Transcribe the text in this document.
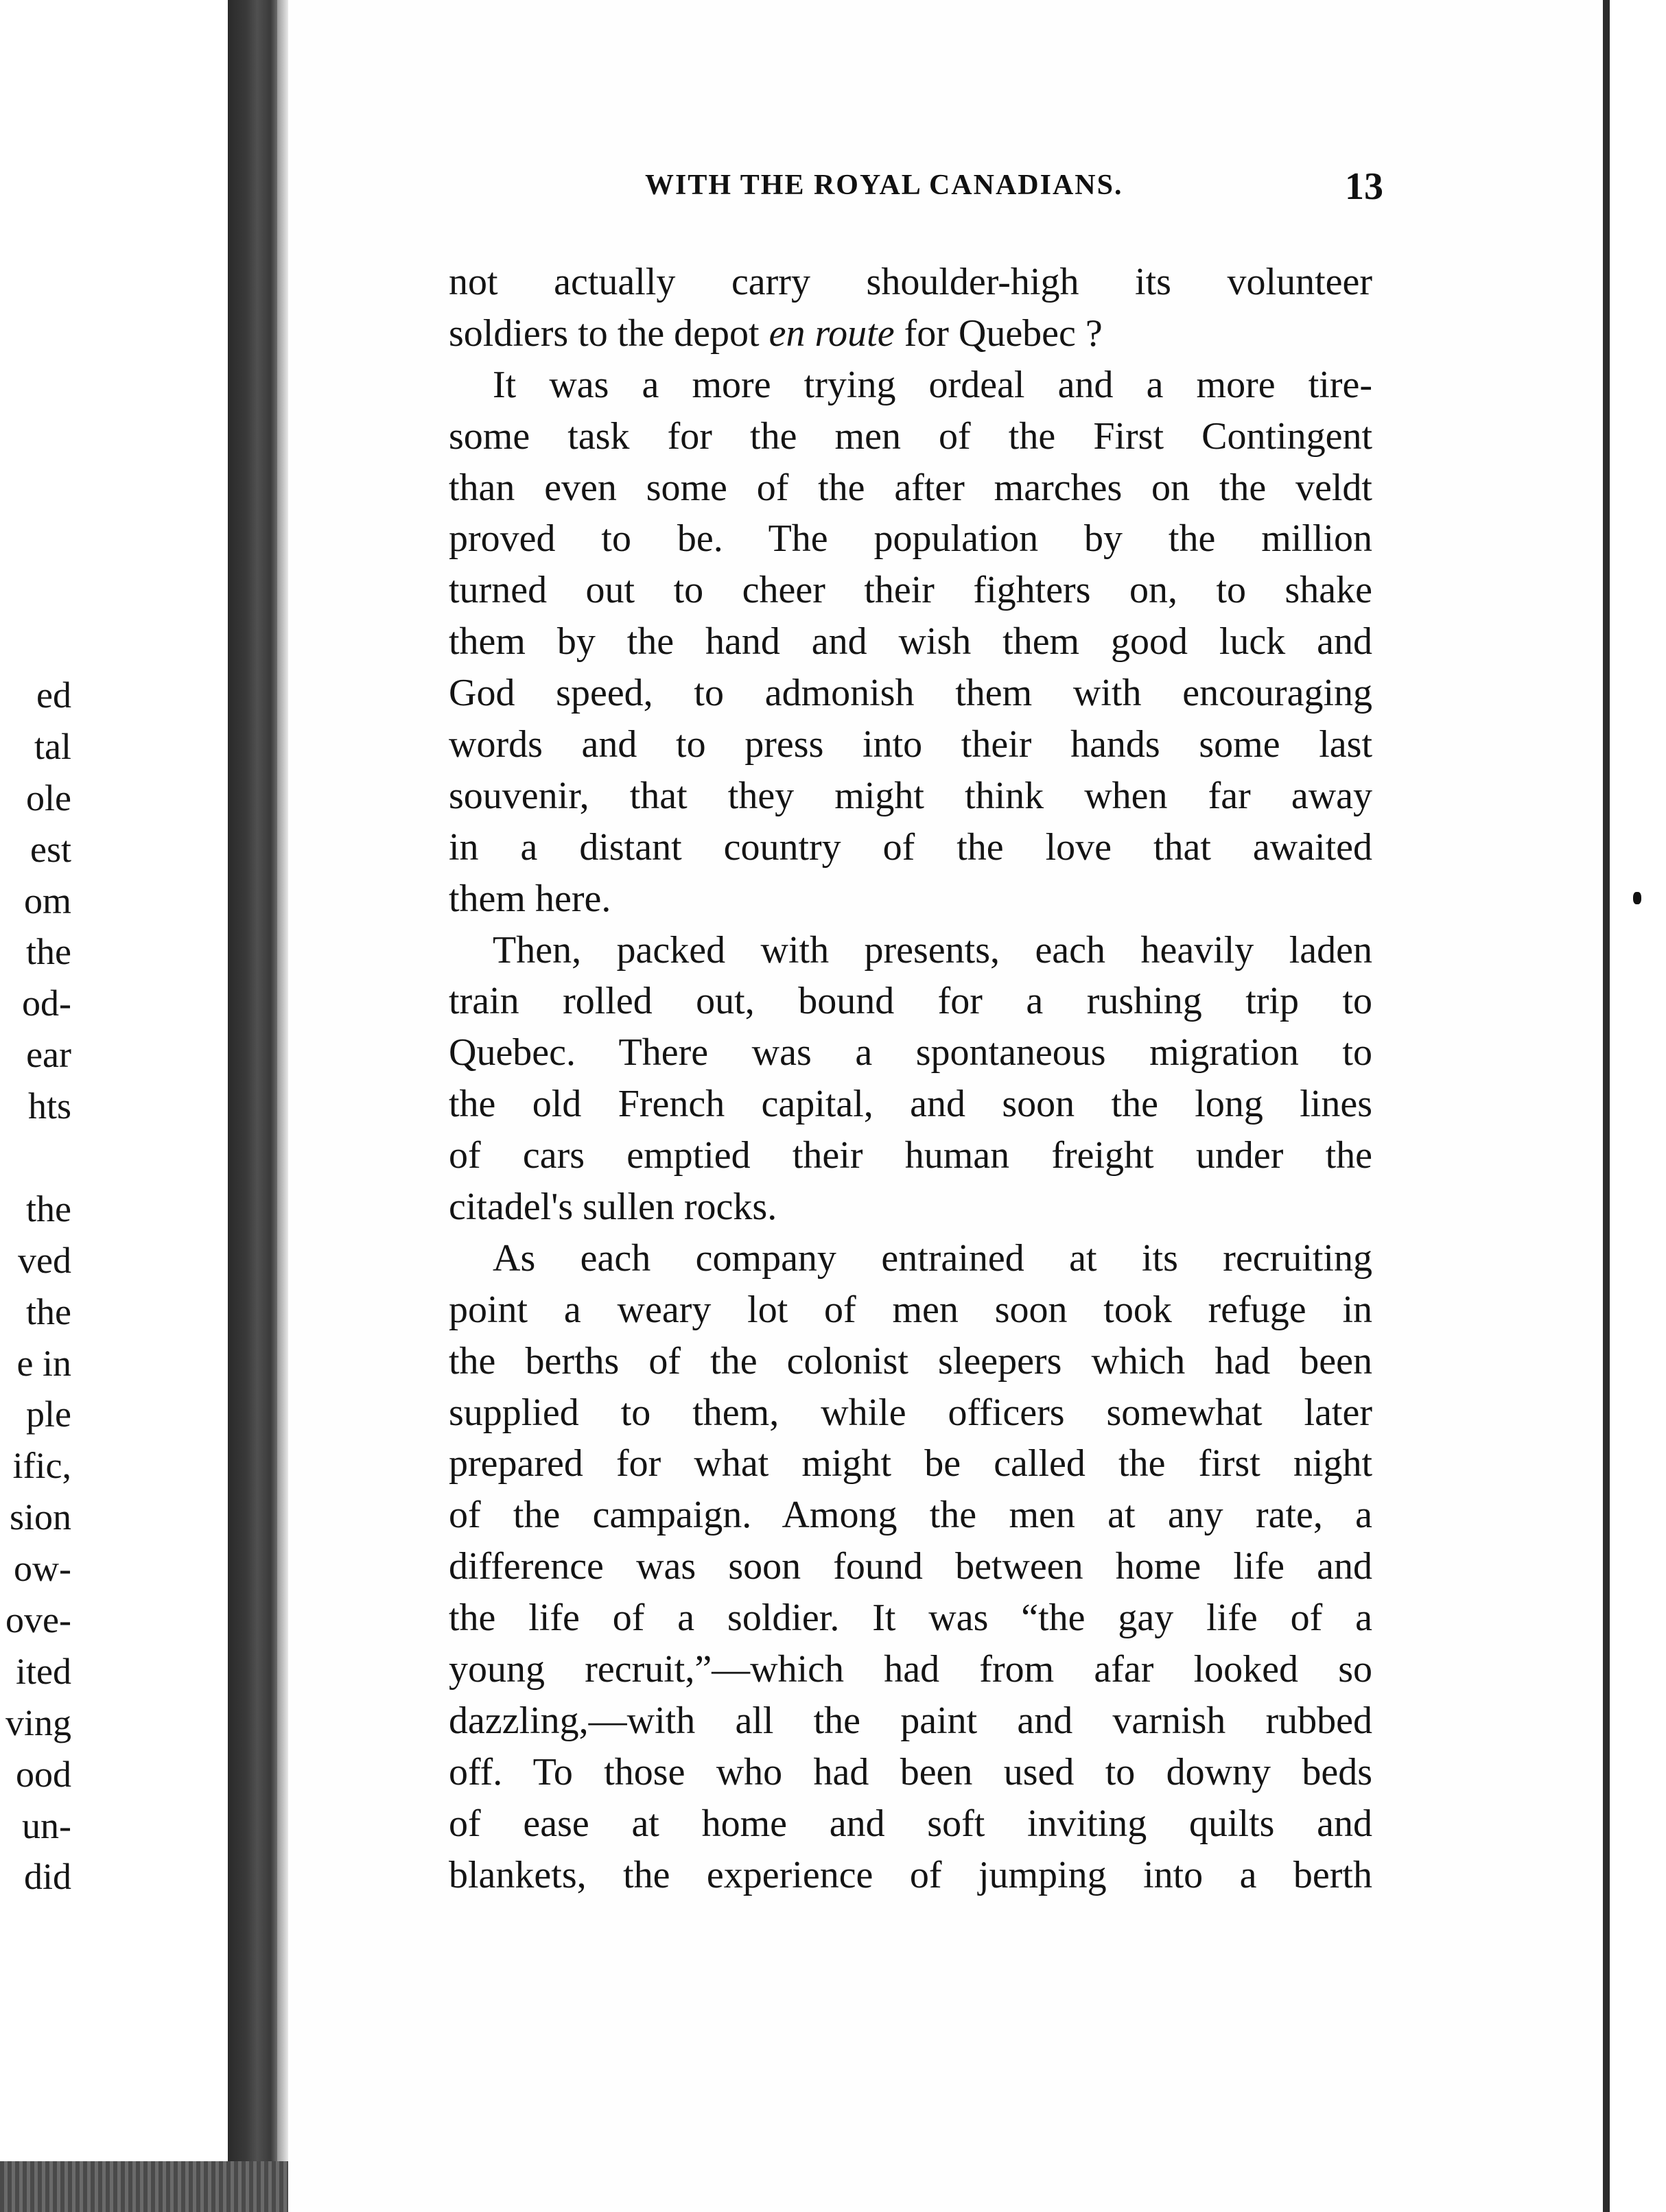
ed
tal
ole
est
om
the
od-
ear
hts
the
ved
the
e in
ple
ific,
sion
ow-
ove-
ited
ving
ood
un-
did
WITH THE ROYAL CANADIANS.	13
not actually carry shoulder-high its volunteer
soldiers to the depot en route for Quebec ?
It was a more trying ordeal and a more tire-
some task for the men of the First Contingent
than even some of the after marches on the veldt
proved to be. The population by the million
turned out to cheer their fighters on, to shake
them by the hand and wish them good luck and
God speed, to admonish them with encouraging
words and to press into their hands some last
souvenir, that they might think when far away
in a distant country of the love that awaited
them here.
Then, packed with presents, each heavily laden
train rolled out, bound for a rushing trip to
Quebec. There was a spontaneous migration to
the old French capital, and soon the long lines
of cars emptied their human freight under the
citadel's sullen rocks.
As each company entrained at its recruiting
point a weary lot of men soon took refuge in
the berths of the colonist sleepers which had been
supplied to them, while officers somewhat later
prepared for what might be called the first night
of the campaign. Among the men at any rate, a
difference was soon found between home life and
the life of a soldier. It was “the gay life of a
young recruit,”—which had from afar looked so
dazzling,—with all the paint and varnish rubbed
off. To those who had been used to downy beds
of ease at home and soft inviting quilts and
blankets, the experience of jumping into a berth
